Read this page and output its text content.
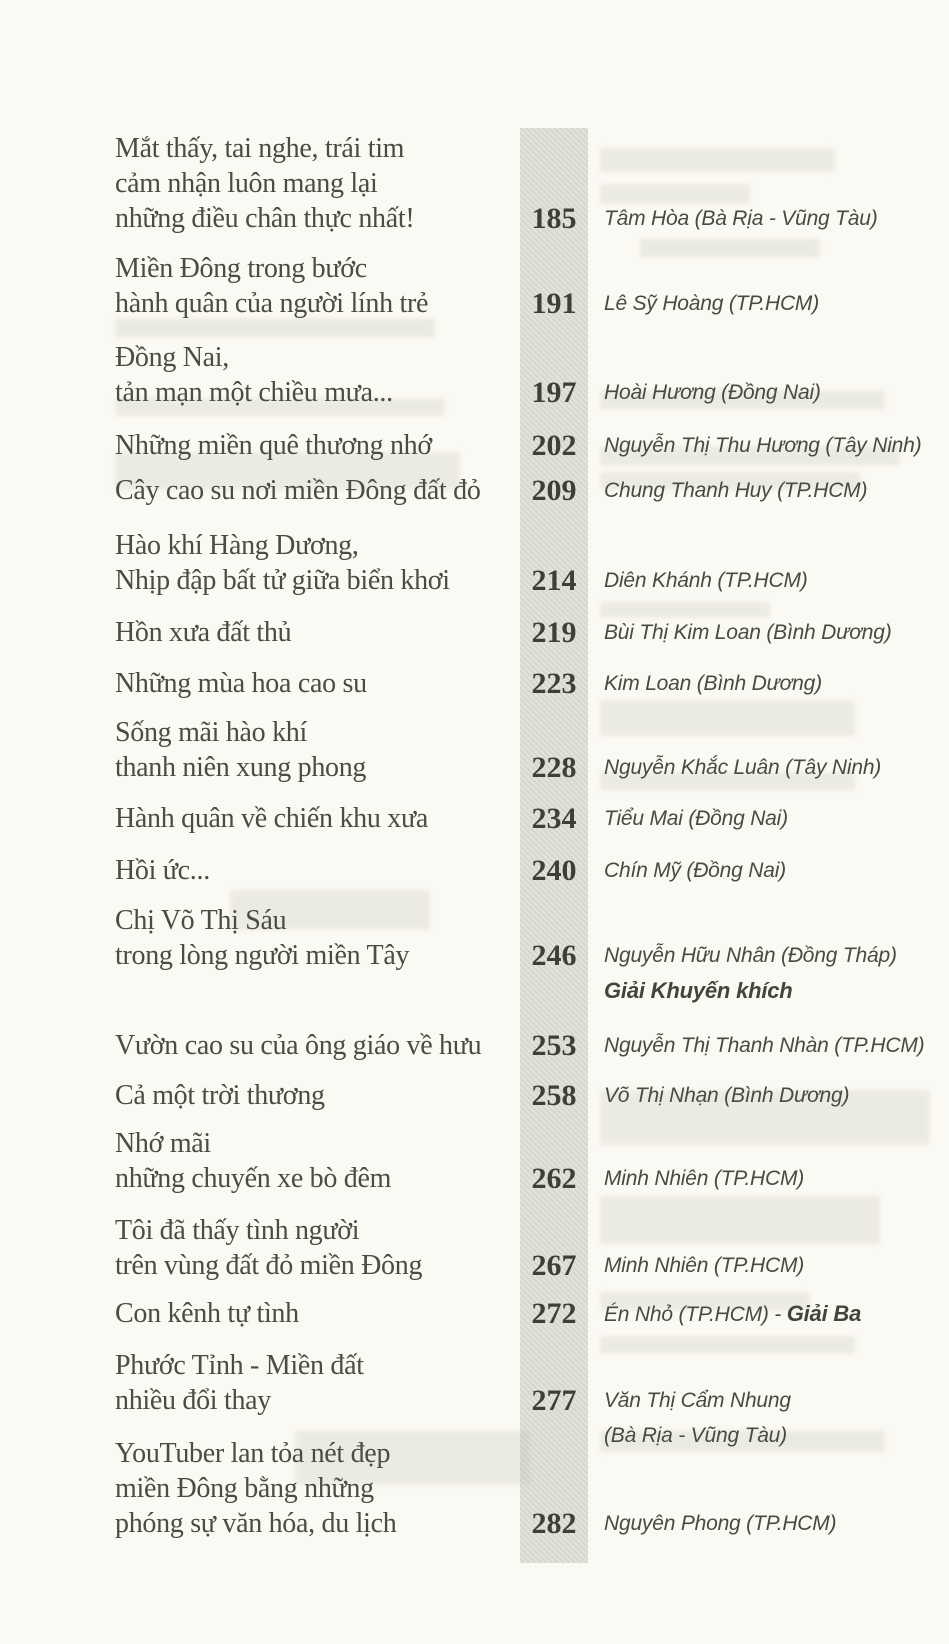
Mắt thấy, tai nghe, trái tim
cảm nhận luôn mang lại
những điều chân thực nhất!	185	Tâm Hòa (Bà Rịa - Vũng Tàu)
Miền Đông trong bước
hành quân của người lính trẻ	191	Lê Sỹ Hoàng (TP.HCM)
Đồng Nai,
tản mạn một chiều mưa...	197	Hoài Hương (Đồng Nai)
Những miền quê thương nhớ	202	Nguyễn Thị Thu Hương (Tây Ninh)
Cây cao su nơi miền Đông đất đỏ	209	Chung Thanh Huy (TP.HCM)
Hào khí Hàng Dương,
Nhịp đập bất tử giữa biển khơi	214	Diên Khánh (TP.HCM)
Hồn xưa đất thủ	219	Bùi Thị Kim Loan (Bình Dương)
Những mùa hoa cao su	223	Kim Loan (Bình Dương)
Sống mãi hào khí
thanh niên xung phong	228	Nguyễn Khắc Luân (Tây Ninh)
Hành quân về chiến khu xưa	234	Tiểu Mai (Đồng Nai)
Hồi ức...	240	Chín Mỹ (Đồng Nai)
Chị Võ Thị Sáu
trong lòng người miền Tây	246	Nguyễn Hữu Nhân (Đồng Tháp)
Giải Khuyến khích
Vườn cao su của ông giáo về hưu	253	Nguyễn Thị Thanh Nhàn (TP.HCM)
Cả một trời thương	258	Võ Thị Nhạn (Bình Dương)
Nhớ mãi
những chuyến xe bò đêm	262	Minh Nhiên (TP.HCM)
Tôi đã thấy tình người
trên vùng đất đỏ miền Đông	267	Minh Nhiên (TP.HCM)
Con kênh tự tình	272	Én Nhỏ (TP.HCM) - Giải Ba
Phước Tỉnh - Miền đất
nhiều đổi thay	277	Văn Thị Cẩm Nhung
(Bà Rịa - Vũng Tàu)
YouTuber lan tỏa nét đẹp
miền Đông bằng những
phóng sự văn hóa, du lịch	282	Nguyên Phong (TP.HCM)
